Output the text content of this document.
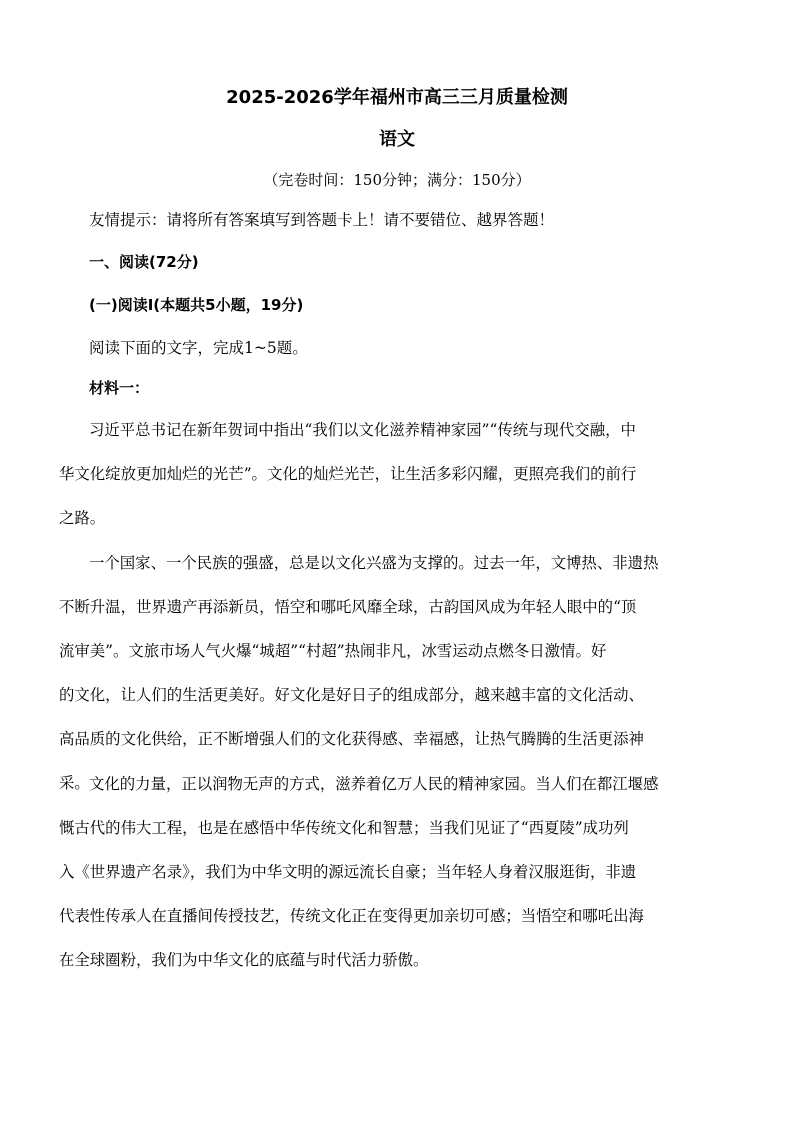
2025-2026学年福州市高三三月质量检测
语文
（完卷时间：150分钟；满分：150分）
友情提示：请将所有答案填写到答题卡上！请不要错位、越界答题！
一、阅读(72分)
(一)阅读Ⅰ(本题共5小题，19分)
阅读下面的文字，完成1~5题。
材料一：
习近平总书记在新年贺词中指出“我们以文化滋养精神家园”“传统与现代交融，中
华文化绽放更加灿烂的光芒”。文化的灿烂光芒，让生活多彩闪耀，更照亮我们的前行
之路。
一个国家、一个民族的强盛，总是以文化兴盛为支撑的。过去一年，文博热、非遗热
不断升温，世界遗产再添新员，悟空和哪吒风靡全球，古韵国风成为年轻人眼中的“顶
流审美”。文旅市场人气火爆“城超”“村超”热闹非凡，冰雪运动点燃冬日激情。好
的文化，让人们的生活更美好。好文化是好日子的组成部分，越来越丰富的文化活动、
高品质的文化供给，正不断增强人们的文化获得感、幸福感，让热气腾腾的生活更添神
采。 文化的力量，正以润物无声的方式，滋养着亿万人民的精神家园。当人们在都江堰感
慨古代的伟大工程，也是在感悟中华传统文化和智慧；当我们见证了“西夏陵”成功列
入《世界遗产名录》，我们为中华文明的源远流长自豪；当年轻人身着汉服逛街，非遗
代表性传承人在直播间传授技艺，传统文化正在变得更加亲切可感；当悟空和哪吒出海
在全球圈粉，我们为中华文化的底蕴与时代活力骄傲。
